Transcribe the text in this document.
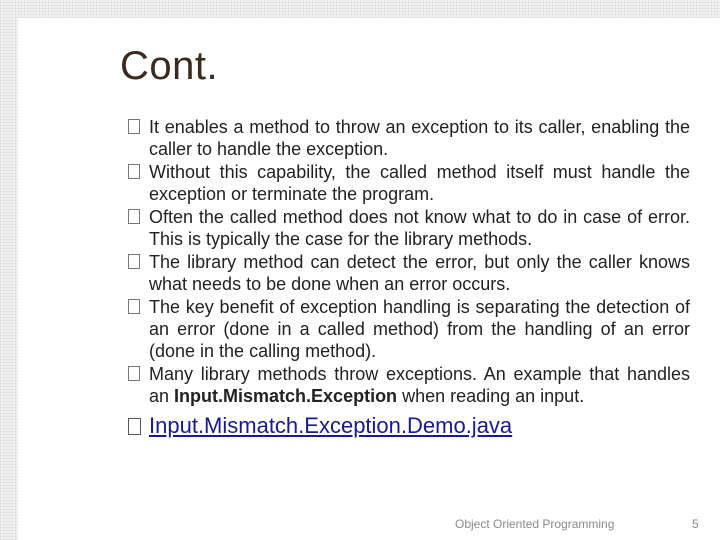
Cont.
It enables a method to throw an exception to its caller, enabling the caller to handle the exception.
Without this capability, the called method itself must handle the exception or terminate the program.
Often the called method does not know what to do in case of error. This is typically the case for the library methods.
The library method can detect the error, but only the caller knows what needs to be done when an error occurs.
The key benefit of exception handling is separating the detection of an error (done in a called method) from the handling of an error (done in the calling method).
Many library methods throw exceptions. An example that handles an Input.Mismatch.Exception when reading an input.
Input.Mismatch.Exception.Demo.java
Object Oriented Programming	5
